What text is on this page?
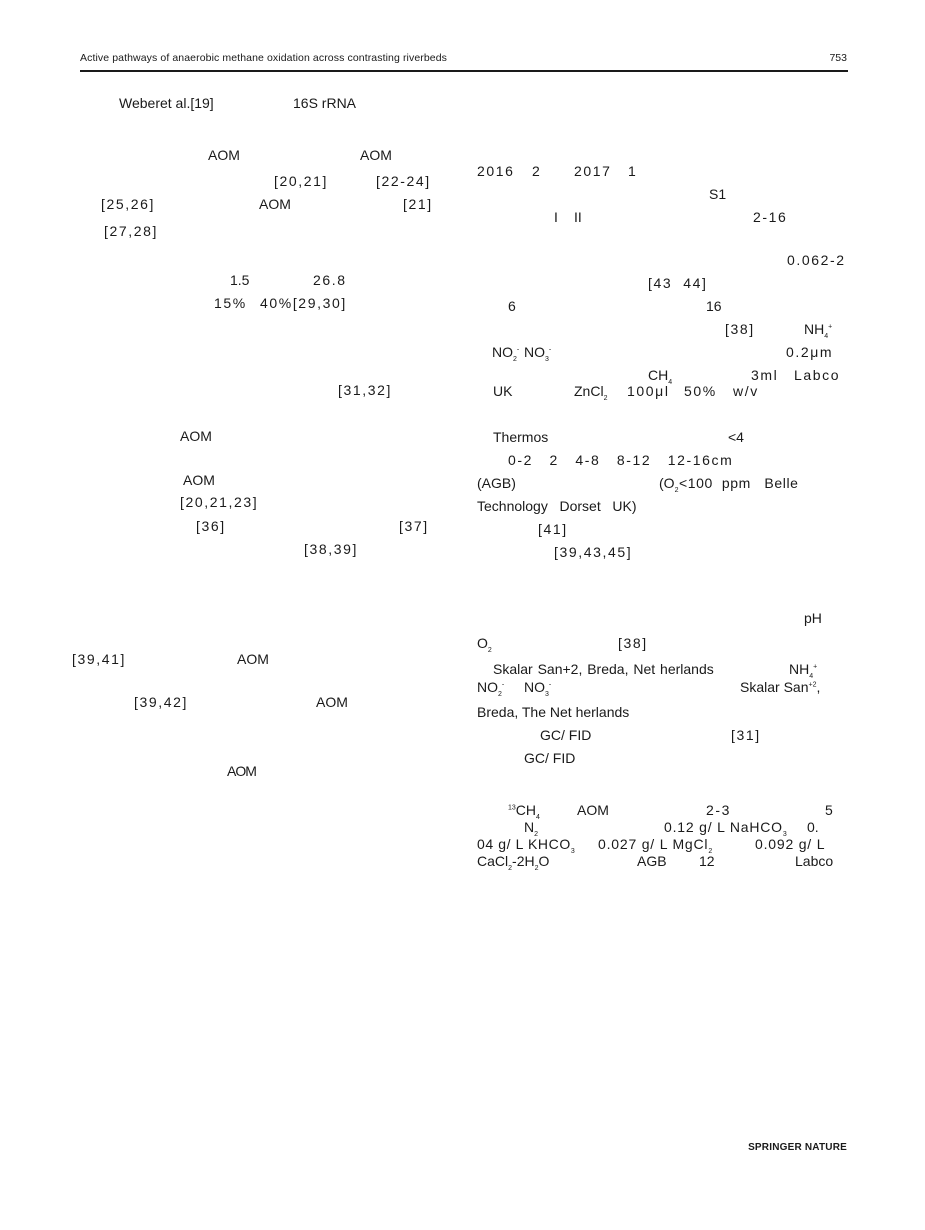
Active pathways of anaerobic methane oxidation across contrasting riverbeds	753
Weberet al.[19]	16S rRNA
AOM	AOM
[20,21]	[22-24]
[25,26]	AOM	[21]
[27,28]
1.5	26.8
15% 40%[29,30]
[31,32]
AOM
AOM
[20,21,23]
[36]	[37]
[38,39]
[39,41]	AOM
[39,42]	AOM
AOM
2016 2 2017 1
S1
I II	2-16
0.062-2
[43  44]
6	16
[38]	$NH_4^+$
$NO_2^-$ $NO_3^-$	0.2μm
$CH_4$	3ml Labco
UK	ZnCl$_2$ 100μl 50% w/v
Thermos	<4
0-2   2   4-8   8-12   12-16cm
(AGB)	($O_2 <100$  ppm   Belle
Technology   Dorset   UK)
[41]
[39,43,45]
pH
$O_2$	[38]
Skalar San+2, Breda, Net herlands	$NH_4^+$
$NO_2^-$ $NO_3^-$	Skalar San$^{+2}$,
Breda, The Net herlands
GC/ FID	[31]
GC/ FID
$^{13}CH_4$	AOM	2-3	5
$N_2$	0.12 g/ L NaHCO$_3$ 0.
04 g/ L $KHCO_3$ 0.027 g/ L MgCl$_2$	0.092 g/ L
$CaCl_2-2H_2O$	AGB 12	Labco
SPRINGER NATURE
